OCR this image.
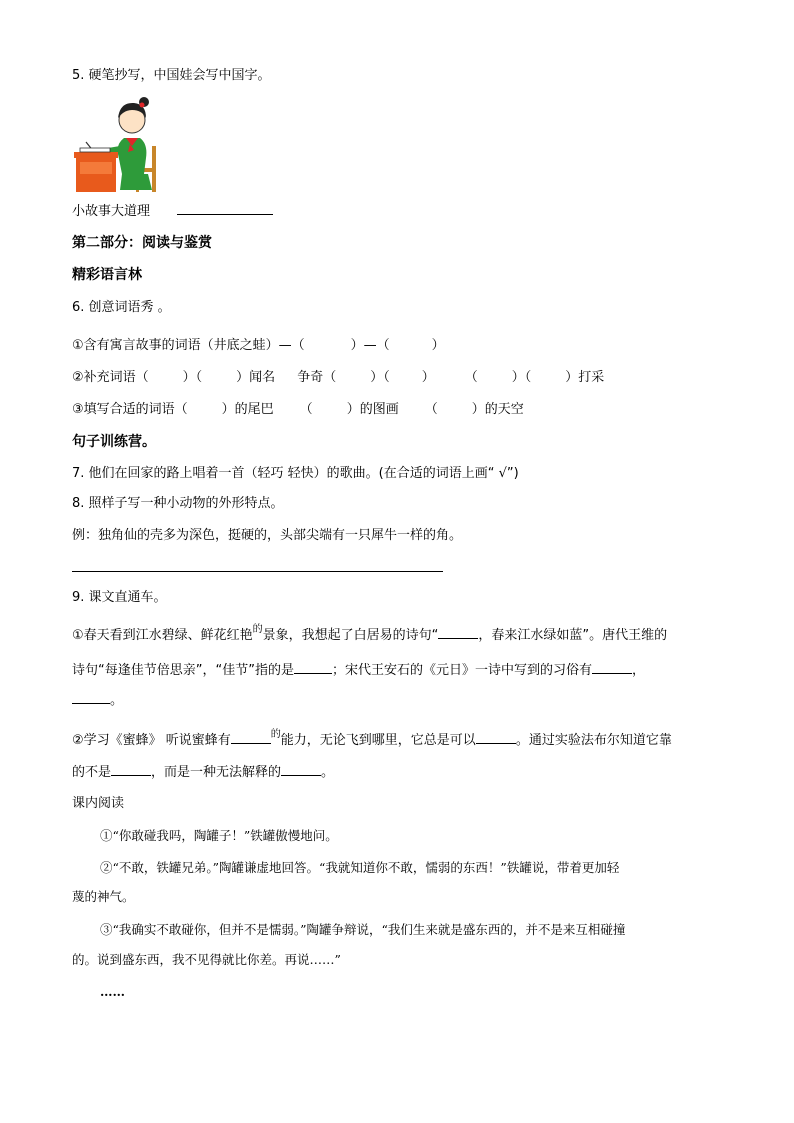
5. 硬笔抄写，中国娃会写中国字。
小故事大道理
第二部分：阅读与鉴赏
精彩语言林
6. 创意词语秀 。
①含有寓言故事的词语（井底之蛙）—（	）—（	）
②补充词语（	）（	）闻名 争奇（	）（ ） （	）（	）打采
③填写合适的词语（	）的尾巴 （	）的图画 （	）的天空
句子训练营。
7. 他们在回家的路上唱着一首（轻巧 轻快）的歌曲。(在合适的词语上画“ √”)
8. 照样子写一种小动物的外形特点。
例：独角仙的壳多为深色，挺硬的，头部尖端有一只犀牛一样的角。
9. 课文直通车。
①春天看到江水碧绿、鲜花红艳$^的$景象，我想起了白居易的诗句“	，春来江水绿如蓝”。唐代王维的
诗句“每逢佳节倍思亲”，“佳节”指的是	；宋代王安石的《元日》一诗中写到的习俗有	，
。
②学习《蜜蜂》 听说蜜蜂有	$^的$能力，无论飞到哪里，它总是可以	。通过实验法布尔知道它靠
的不是	，而是一种无法解释的	。
课内阅读
①“你敢碰我吗，陶罐子！”铁罐傲慢地问。
②“不敢，铁罐兄弟。”陶罐谦虚地回答。“我就知道你不敢，懦弱的东西！”铁罐说，带着更加轻
蔑的神气。
③“我确实不敢碰你，但并不是懦弱。”陶罐争辩说，“我们生来就是盛东西的，并不是来互相碰撞
的。说到盛东西，我不见得就比你差。再说……”
……
